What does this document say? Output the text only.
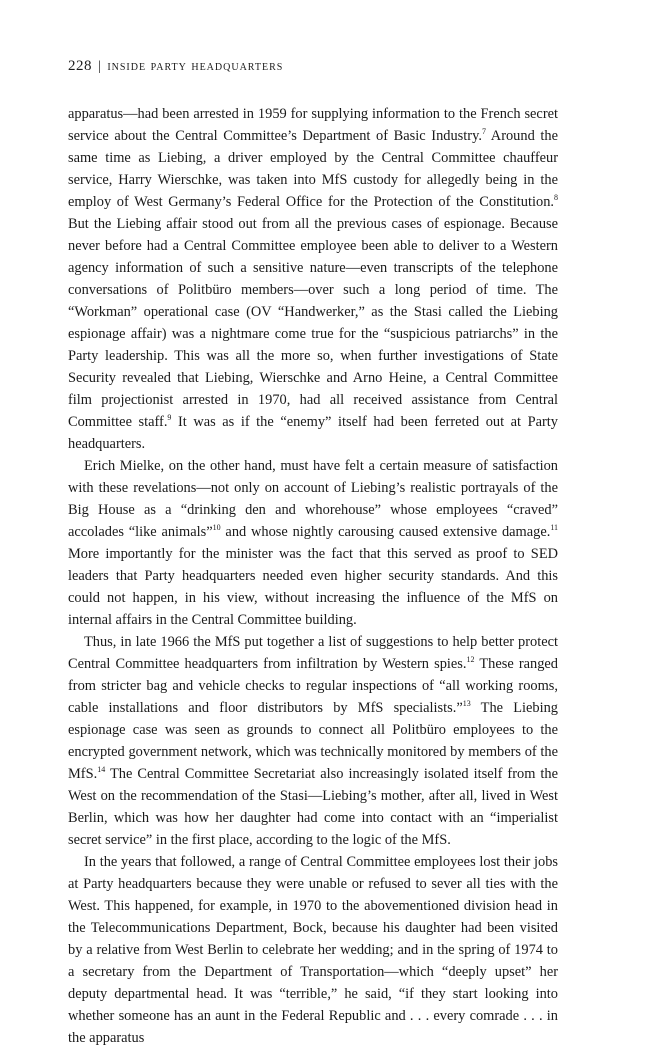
228 | inside party headquarters

apparatus—had been arrested in 1959 for supplying information to the French secret service about the Central Committee’s Department of Basic Industry.$^7$ Around the same time as Liebing, a driver employed by the Central Committee chauffeur service, Harry Wierschke, was taken into MfS custody for allegedly being in the employ of West Germany’s Federal Office for the Protection of the Constitution.$^8$ But the Liebing affair stood out from all the previous cases of espionage. Because never before had a Central Committee employee been able to deliver to a Western agency information of such a sensitive nature—even transcripts of the telephone conversations of Politbüro members—over such a long period of time. The “Workman” operational case (OV “Handwerker,” as the Stasi called the Liebing espionage affair) was a nightmare come true for the “suspicious patriarchs” in the Party leadership. This was all the more so, when further investigations of State Security revealed that Liebing, Wierschke and Arno Heine, a Central Committee film projectionist arrested in 1970, had all received assistance from Central Committee staff.$^9$ It was as if the “enemy” itself had been ferreted out at Party headquarters.

Erich Mielke, on the other hand, must have felt a certain measure of satisfaction with these revelations—not only on account of Liebing’s realistic portrayals of the Big House as a “drinking den and whorehouse” whose employees “craved” accolades “like animals”$^{10}$ and whose nightly carousing caused extensive damage.$^{11}$ More importantly for the minister was the fact that this served as proof to SED leaders that Party headquarters needed even higher security standards. And this could not happen, in his view, without increasing the influence of the MfS on internal affairs in the Central Committee building.

Thus, in late 1966 the MfS put together a list of suggestions to help better protect Central Committee headquarters from infiltration by Western spies.$^{12}$ These ranged from stricter bag and vehicle checks to regular inspections of “all working rooms, cable installations and floor distributors by MfS specialists.”$^{13}$ The Liebing espionage case was seen as grounds to connect all Politbüro employees to the encrypted government network, which was technically monitored by members of the MfS.$^{14}$ The Central Committee Secretariat also increasingly isolated itself from the West on the recommendation of the Stasi—Liebing’s mother, after all, lived in West Berlin, which was how her daughter had come into contact with an “imperialist secret service” in the first place, according to the logic of the MfS.

In the years that followed, a range of Central Committee employees lost their jobs at Party headquarters because they were unable or refused to sever all ties with the West. This happened, for example, in 1970 to the abovementioned division head in the Telecommunications Department, Bock, because his daughter had been visited by a relative from West Berlin to celebrate her wedding; and in the spring of 1974 to a secretary from the Department of Transportation—which “deeply upset” her deputy departmental head. It was “terrible,” he said, “if they start looking into whether someone has an aunt in the Federal Republic and . . . every comrade . . . in the apparatus
